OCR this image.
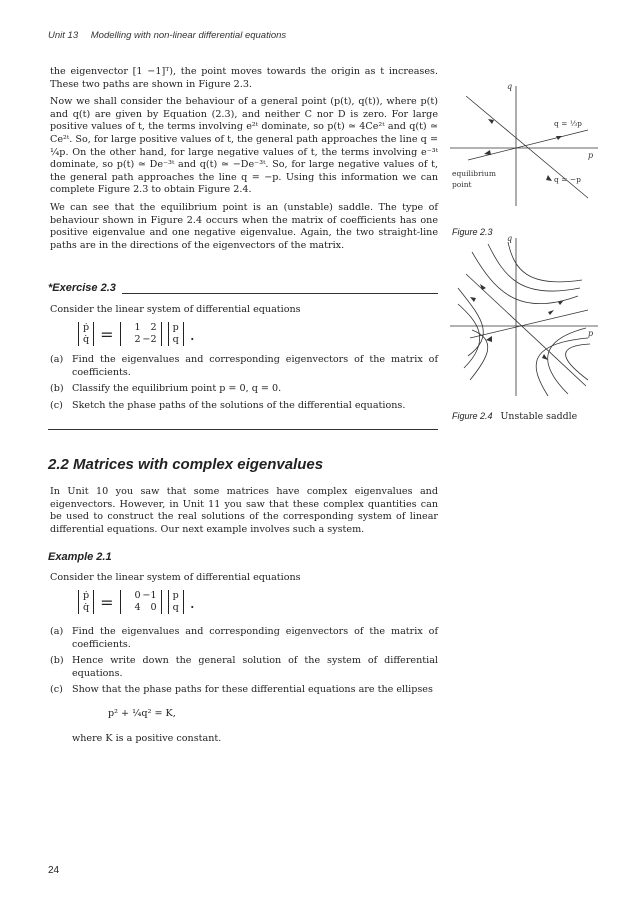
Unit 13 Modelling with non-linear differential equations

the eigenvector [1 −1]ᵀ), the point moves towards the origin as t increases. These two paths are shown in Figure 2.3.

Now we shall consider the behaviour of a general point (p(t), q(t)), where p(t) and q(t) are given by Equation (2.3), and neither C nor D is zero. For large positive values of t, the terms involving e²ᵗ dominate, so p(t) ≃ 4Ce²ᵗ and q(t) ≃ Ce²ᵗ. So, for large positive values of t, the general path approaches the line q = ¼p. On the other hand, for large negative values of t, the terms involving e⁻³ᵗ dominate, so p(t) ≃ De⁻³ᵗ and q(t) ≃ −De⁻³ᵗ. So, for large negative values of t, the general path approaches the line q = −p. Using this information we can complete Figure 2.3 to obtain Figure 2.4.

We can see that the equilibrium point is an (unstable) saddle. The type of behaviour shown in Figure 2.4 occurs when the matrix of coefficients has one positive eigenvalue and one negative eigenvalue. Again, the two straight-line paths are in the directions of the eigenvectors of the matrix.

*Exercise 2.3
Consider the linear system of differential equations
ṗ
q̇ =	1 2
2 −2
p
q .
(a) Find the eigenvalues and corresponding eigenvectors of the matrix of coefficients.
(b) Classify the equilibrium point p = 0, q = 0.
(c) Sketch the phase paths of the solutions of the differential equations.
2.2 Matrices with complex eigenvalues
In Unit 10 you saw that some matrices have complex eigenvalues and eigenvectors. However, in Unit 11 you saw that these complex quantities can be used to construct the real solutions of the corresponding system of linear differential equations. Our next example involves such a system.
Example 2.1
Consider the linear system of differential equations
ṗ
q̇ =	0 −1
4 0
p
q .
(a) Find the eigenvalues and corresponding eigenvectors of the matrix of coefficients.
(b) Hence write down the general solution of the system of differential equations.
(c) Show that the phase paths for these differential equations are the ellipses
p² + ¼q² = K,
where K is a positive constant.
q
p
q = ⅓p
q = −p
equilibrium
point
Figure 2.3
q
p
Figure 2.4 Unstable saddle
24
